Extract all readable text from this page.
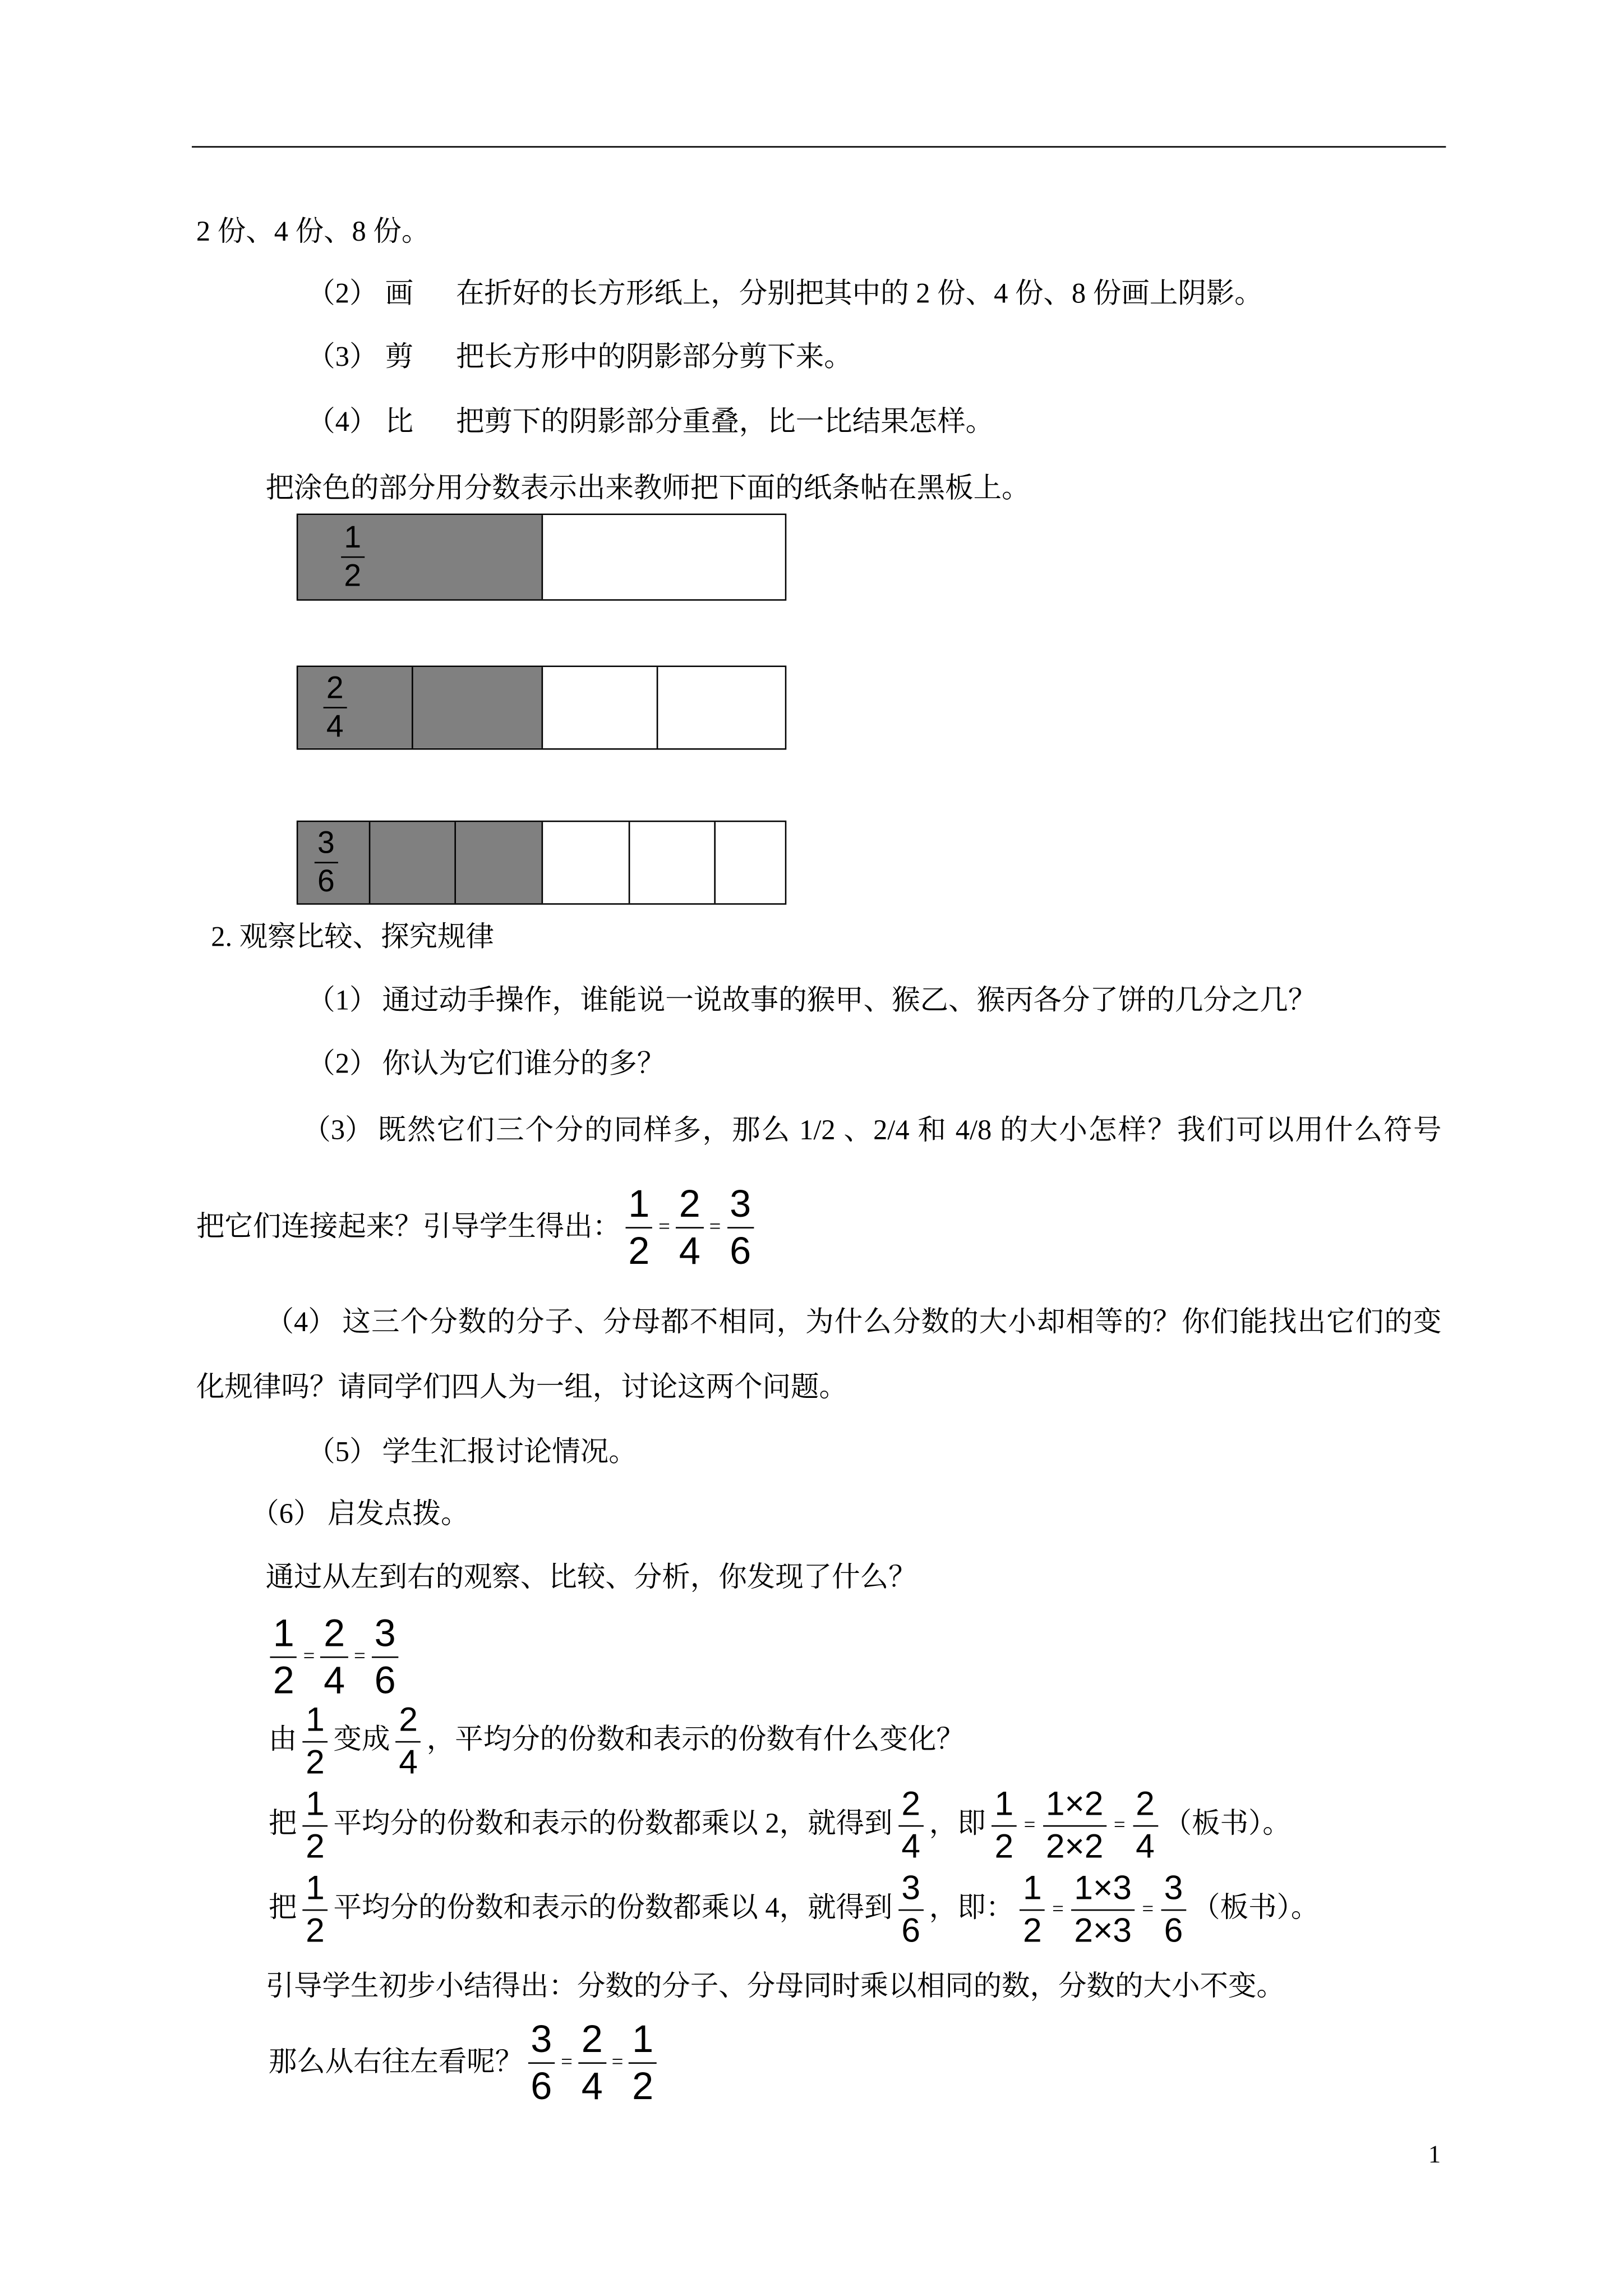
2 份、4 份、8 份。
（2） 画	在折好的长方形纸上，分别把其中的 2 份、4 份、8 份画上阴影。
（3） 剪	把长方形中的阴影部分剪下来。
（4） 比	把剪下的阴影部分重叠，比一比结果怎样。
把涂色的部分用分数表示出来教师把下面的纸条帖在黑板上。
$\frac{1}{2}$
$\frac{2}{4}$
$\frac{3}{6}$
2. 观察比较、探究规律
（1） 通过动手操作，谁能说一说故事的猴甲、猴乙、猴丙各分了饼的几分之几？
（2） 你认为它们谁分的多？
（3） 既然它们三个分的同样多，那么 1/2 、2/4 和 4/8 的大小怎样？我们可以用什么符号
把它们连接起来？引导学生得出： $\frac{1}{2} = \frac{2}{4} = \frac{3}{6}$
（4） 这三个分数的分子、分母都不相同，为什么分数的大小却相等的？你们能找出它们的变
化规律吗？请同学们四人为一组，讨论这两个问题。
（5） 学生汇报讨论情况。
（6） 启发点拨。
通过从左到右的观察、比较、分析，你发现了什么？
$\frac{1}{2} = \frac{2}{4} = \frac{3}{6}$
由 $\frac{1}{2}$ 变成 $\frac{2}{4}$ ，平均分的份数和表示的份数有什么变化？
把 $\frac{1}{2}$ 平均分的份数和表示的份数都乘以 2，就得到 $\frac{2}{4}$ ，即 $\frac{1}{2} = \frac{1\times 2}{2\times 2} = \frac{2}{4}$ （板书）。
把 $\frac{1}{2}$ 平均分的份数和表示的份数都乘以 4，就得到 $\frac{3}{6}$ ，即： $\frac{1}{2} = \frac{1\times 3}{2\times 3} = \frac{3}{6}$ （板书）。
引导学生初步小结得出：分数的分子、分母同时乘以相同的数，分数的大小不变。
那么从右往左看呢？ $\frac{3}{6} = \frac{2}{4} = \frac{1}{2}$
1
